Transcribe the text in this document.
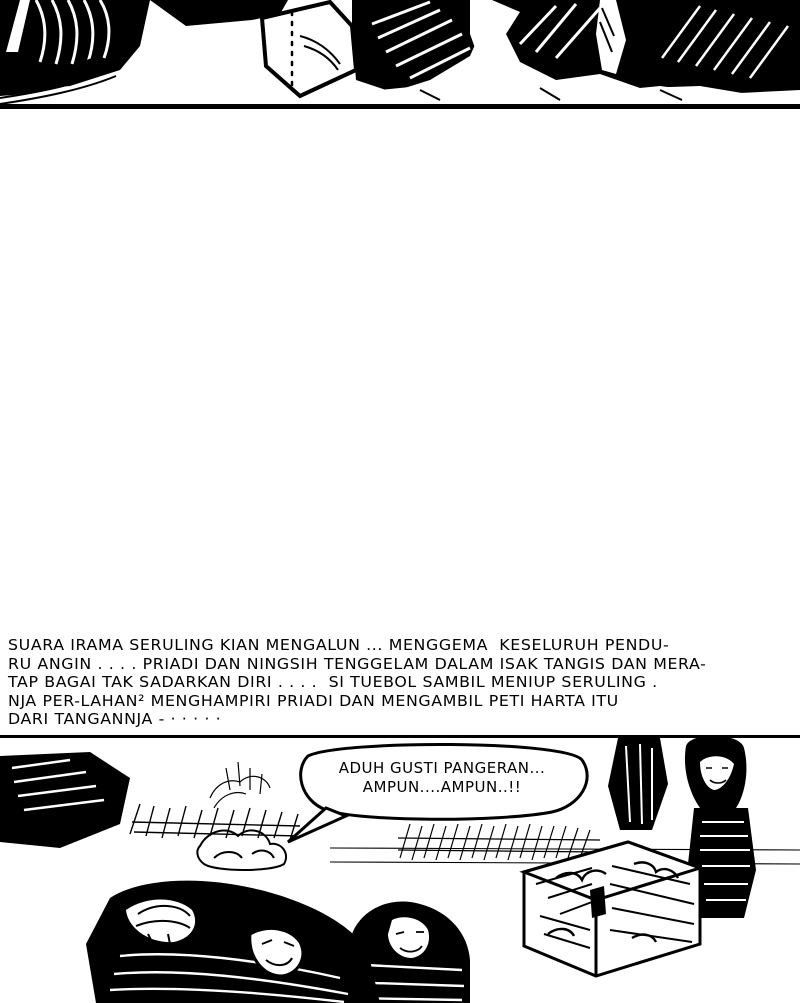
SUARA IRAMA SERULING KIAN MENGALUN ... MENGGEMA  KESELURUH PENDU-
RU ANGIN . . . . PRIADI DAN NINGSIH TENGGELAM DALAM ISAK TANGIS DAN MERA-
TAP BAGAI TAK SADARKAN DIRI . . . .  SI TUEBOL SAMBIL MENIUP SERULING .
NJA PER-LAHAN² MENGHAMPIRI PRIADI DAN MENGAMBIL PETI HARTA ITU
DARI TANGANNJA - · · · · ·
ADUH GUSTI PANGERAN...
AMPUN....AMPUN..!!
